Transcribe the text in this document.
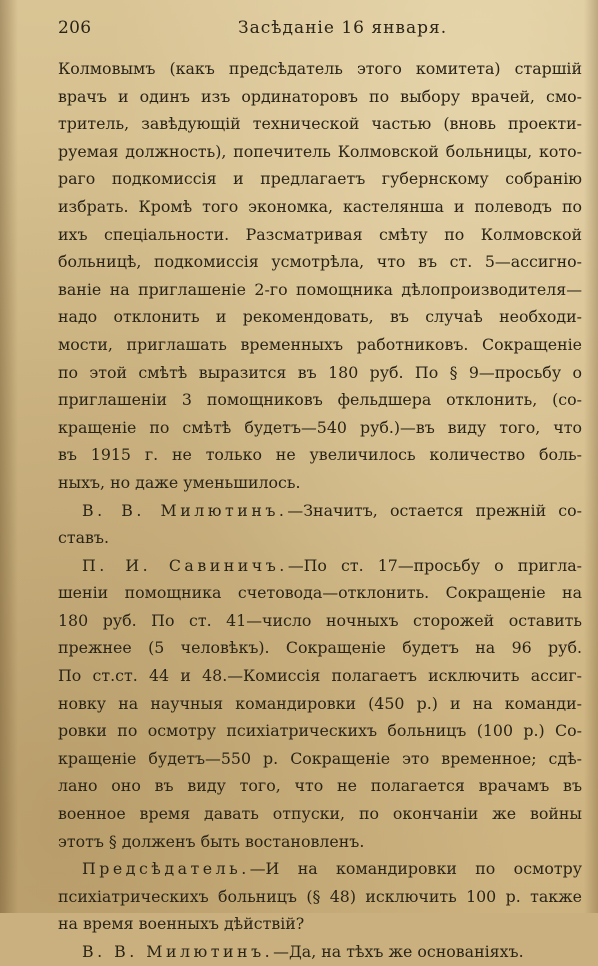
206	Засѣданіе 16 января.
Колмовымъ (какъ предсѣдатель этого комитета) старшій
врачъ и одинъ изъ ординаторовъ по выбору врачей, смо-
тритель, завѣдующій технической частью (вновь проекти-
руемая должность), попечитель Колмовской больницы, кото-
раго подкомиссія и предлагаетъ губернскому собранію
избрать. Кромѣ того экономка, кастелянша и полеводъ по
ихъ спеціальности. Разсматривая смѣту по Колмовской
больницѣ, подкомиссія усмотрѣла, что въ ст. 5—ассигно-
ваніе на приглашеніе 2-го помощника дѣлопроизводителя—
надо отклонить и рекомендовать, въ случаѣ необходи-
мости, приглашать временныхъ работниковъ. Сокращеніе
по этой смѣтѣ выразится въ 180 руб. По § 9—просьбу о
приглашеніи 3 помощниковъ фельдшера отклонить, (со-
кращеніе по смѣтѣ будетъ—540 руб.)—въ виду того, что
въ 1915 г. не только не увеличилось количество боль-
ныхъ, но даже уменьшилось.
В. В. Милютинъ.—Значитъ, остается прежній со-
ставъ.
П. И. Савиничъ.—По ст. 17—просьбу о пригла-
шеніи помощника счетовода—отклонить. Сокращеніе на
180 руб. По ст. 41—число ночныхъ сторожей оставить
прежнее (5 человѣкъ). Сокращеніе будетъ на 96 руб.
По ст.ст. 44 и 48.—Комиссія полагаетъ исключить ассиг-
новку на научныя командировки (450 р.) и на команди-
ровки по осмотру психіатрическихъ больницъ (100 р.) Со-
кращеніе будетъ—550 р. Сокращеніе это временное; сдѣ-
лано оно въ виду того, что не полагается врачамъ въ
военное время давать отпуски, по окончаніи же войны
этотъ § долженъ быть востановленъ.
Предсѣдатель.—И на командировки по осмотру
психіатрическихъ больницъ (§ 48) исключить 100 р. также
на время военныхъ дѣйствій?
В. В. Милютинъ.—Да, на тѣхъ же основаніяхъ.
